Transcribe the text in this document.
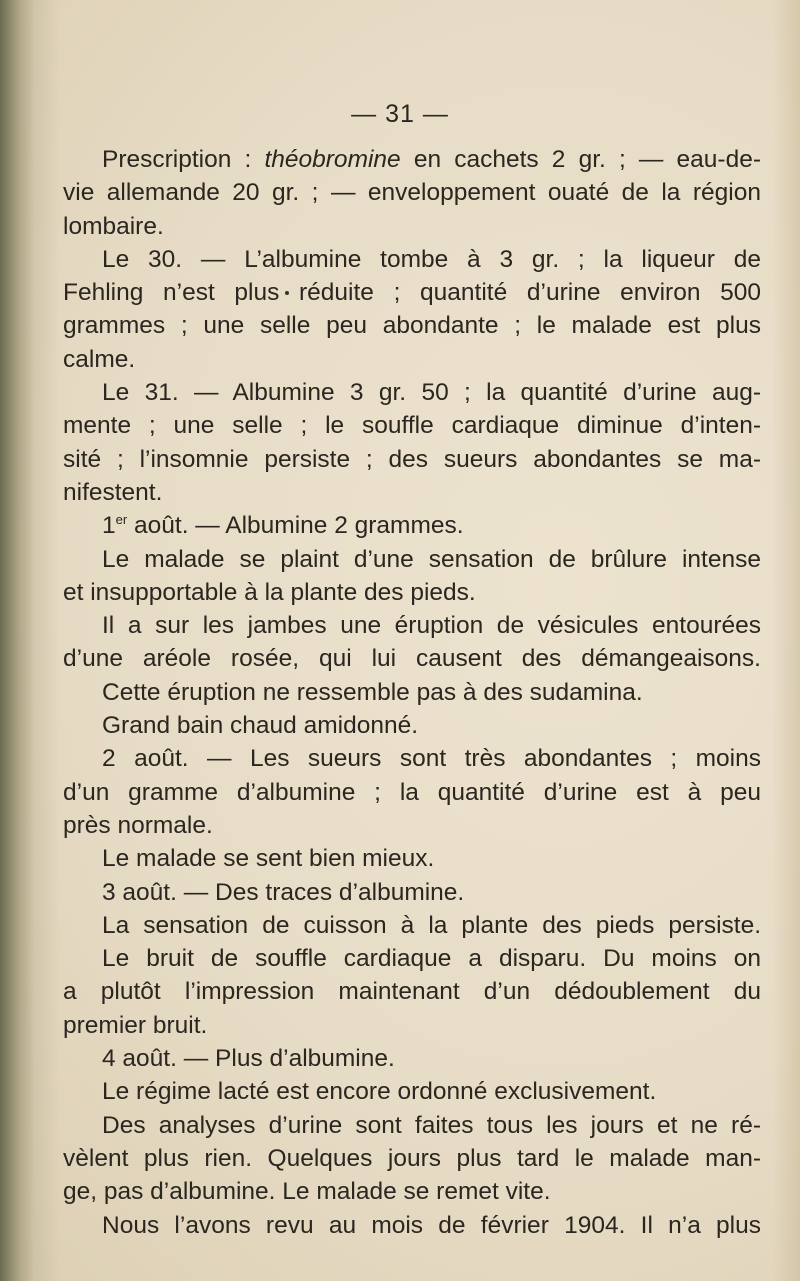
— 31 —
Prescription : théobromine en cachets 2 gr. ; — eau-de-
vie allemande 20 gr. ; — enveloppement ouaté de la région
lombaire.
Le 30. — L’albumine tombe à 3 gr. ; la liqueur de
Fehling n’est plus réduite ; quantité d’urine environ 500
grammes ; une selle peu abondante ; le malade est plus
calme.
Le 31. — Albumine 3 gr. 50 ; la quantité d’urine aug-
mente ; une selle ; le souffle cardiaque diminue d’inten-
sité ; l’insomnie persiste ; des sueurs abondantes se ma-
nifestent.
1er août. — Albumine 2 grammes.
Le malade se plaint d’une sensation de brûlure intense
et insupportable à la plante des pieds.
Il a sur les jambes une éruption de vésicules entourées
d’une aréole rosée, qui lui causent des démangeaisons.
Cette éruption ne ressemble pas à des sudamina.
Grand bain chaud amidonné.
2 août. — Les sueurs sont très abondantes ; moins
d’un gramme d’albumine ; la quantité d’urine est à peu
près normale.
Le malade se sent bien mieux.
3 août. — Des traces d’albumine.
La sensation de cuisson à la plante des pieds persiste.
Le bruit de souffle cardiaque a disparu. Du moins on
a plutôt l’impression maintenant d’un dédoublement du
premier bruit.
4 août. — Plus d’albumine.
Le régime lacté est encore ordonné exclusivement.
Des analyses d’urine sont faites tous les jours et ne ré-
vèlent plus rien. Quelques jours plus tard le malade man-
ge, pas d’albumine. Le malade se remet vite.
Nous l’avons revu au mois de février 1904. Il n’a plus
